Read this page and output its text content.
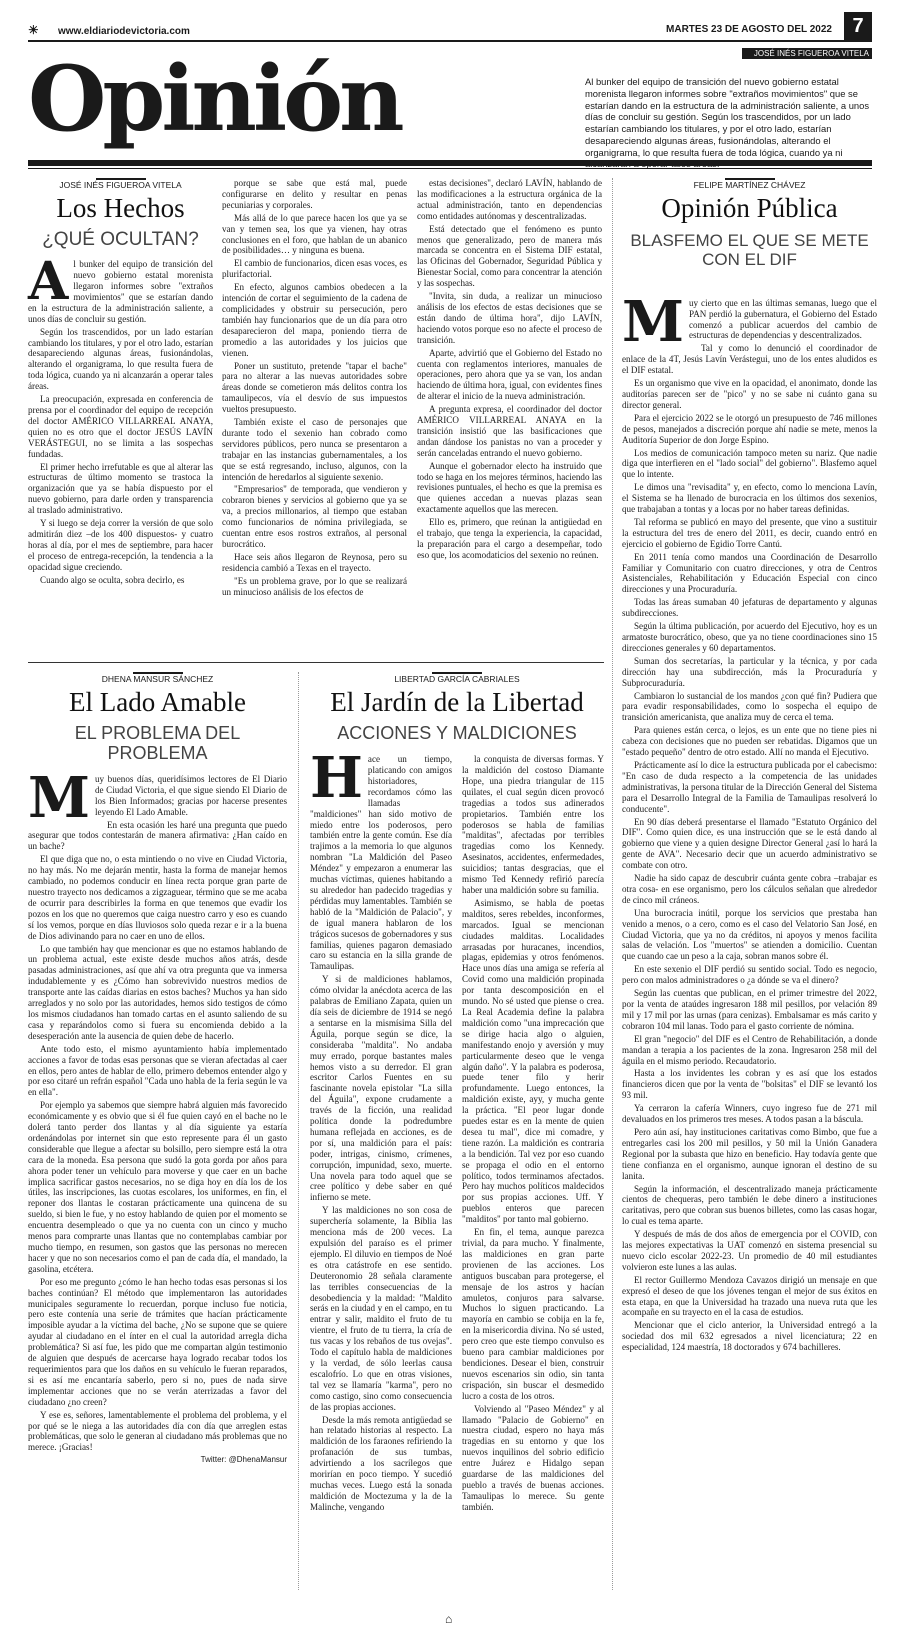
☀ www.eldiariodevictoria.com	MARTES 23 DE AGOSTO DEL 2022	7
JOSÉ INÉS FIGUEROA VITELA
Opinión	Al bunker del equipo de transición del nuevo gobierno estatal morenista llegaron informes sobre "extraños movimientos" que se estarían dando en la estructura de la administración saliente, a unos días de concluir su gestión. Según los trascendidos, por un lado estarían cambiando los titulares, y por el otro lado, estarían desapareciendo algunas áreas, fusionándolas, alterando el organigrama, lo que resulta fuera de toda lógica, cuando ya ni
JOSÉ INÉS FIGUEROA VITELA
Los Hechos
¿QUÉ OCULTAN?
A l bunker del equipo de transición del nuevo gobierno estatal morenista llegaron informes sobre "extraños movimientos" que se estarían dando en la estructura de la administración saliente, a unos días de concluir su gestión.

Según los trascendidos, por un lado estarían cambiando los titulares, y por el otro lado, estarían desapareciendo algunas áreas, fusionándolas, alterando el organigrama, lo que resulta fuera de toda lógica, cuando ya ni alcanzarán a operar tales áreas.

La preocupación, expresada en conferencia de prensa por el coordinador del equipo de recepción del doctor AMÉRICO VILLARREAL ANAYA, quien no es otro que el doctor JESÚS LAVÍN VERÁSTEGUI, no se limita a las sospechas fundadas.

El primer hecho irrefutable es que al alterar las estructuras de último momento se trastoca la organización que ya se había dispuesto por el nuevo gobierno, para darle orden y transparencia al traslado administrativo.

Y si luego se deja correr la versión de que solo admitirán diez –de los 400 dispuestos- y cuatro horas al día, por el mes de septiembre, para hacer el proceso de entrega-recepción, la tendencia a la opacidad sigue creciendo.

Cuando algo se oculta, sobra decirlo, es

porque se sabe que está mal, puede configurarse en delito y resultar en penas pecuniarias y corporales.

Más allá de lo que parece hacen los que ya se van y temen sea, los que ya vienen, hay otras conclusiones en el foro, que hablan de un abanico de posibilidades… y ninguna es buena.

El cambio de funcionarios, dicen esas voces, es plurifactorial.

En efecto, algunos cambios obedecen a la intención de cortar el seguimiento de la cadena de complicidades y obstruir su persecución, pero también hay funcionarios que de un día para otro desaparecieron del mapa, poniendo tierra de promedio a las autoridades y los juicios que vienen.

Poner un sustituto, pretende "tapar el bache" para no alterar a las nuevas autoridades sobre áreas donde se cometieron más delitos contra los tamaulipecos, vía el desvío de sus impuestos vueltos presupuesto.

También existe el caso de personajes que durante todo el sexenio han cobrado como servidores públicos, pero nunca se presentaron a trabajar en las instancias gubernamentales, a los que se está regresando, incluso, algunos, con la intención de heredarlos al siguiente sexenio.

"Empresarios" de temporada, que vendieron y cobraron bienes y servicios al gobierno que ya se va, a precios millonarios, al tiempo que estaban como funcionarios de nómina privilegiada, se cuentan entre esos rostros extraños, al personal burocrático.

Hace seis años llegaron de Reynosa, pero su residencia cambió a Texas en el trayecto.

"Es un problema grave, por lo que se realizará un minucioso análisis de los efectos de

estas decisiones", declaró LAVÍN, hablando de las modificaciones a la estructura orgánica de la actual administración, tanto en dependencias como entidades autónomas y descentralizadas.

Está detectado que el fenómeno es punto menos que generalizado, pero de manera más marcada se concentra en el Sistema DIF estatal, las Oficinas del Gobernador, Seguridad Pública y Bienestar Social, como para concentrar la atención y las sospechas.

"Invita, sin duda, a realizar un minucioso análisis de los efectos de estas decisiones que se están dando de última hora", dijo LAVÍN, haciendo votos porque eso no afecte el proceso de transición.

Aparte, advirtió que el Gobierno del Estado no cuenta con reglamentos interiores, manuales de operaciones, pero ahora que ya se van, los andan haciendo de última hora, igual, con evidentes fines de alterar el inicio de la nueva administración.

A pregunta expresa, el coordinador del doctor AMÉRICO VILLARREAL ANAYA en la transición insistió que las basificaciones que andan dándose los panistas no van a proceder y serán canceladas entrando el nuevo gobierno.

Aunque el gobernador electo ha instruido que todo se haga en los mejores términos, haciendo las revisiones puntuales, el hecho es que la premisa es que quienes accedan a nuevas plazas sean exactamente aquellos que las merecen.

Ello es, primero, que reúnan la antigüedad en el trabajo, que tenga la experiencia, la capacidad, la preparación para el cargo a desempeñar, todo eso que, los acomodaticios del sexenio no reúnen.

FELIPE MARTÍNEZ CHÁVEZ
Opinión Pública
BLASFEMO EL QUE SE METE CON EL DIF
M uy cierto que en las últimas semanas, luego que el PAN perdió la gubernatura, el Gobierno del Estado comenzó a publicar acuerdos del cambio de estructuras de dependencias y descentralizados.

Tal y como lo denunció el coordinador de enlace de la 4T, Jesús Lavín Verástegui, uno de los entes aludidos es el DIF estatal.

Es un organismo que vive en la opacidad, el anonimato, donde las auditorías parecen ser de "pico" y no se sabe ni cuánto gana su director general.

Para el ejercicio 2022 se le otorgó un presupuesto de 746 millones de pesos, manejados a discreción porque ahí nadie se mete, menos la Auditoría Superior de don Jorge Espino.

Los medios de comunicación tampoco meten su nariz. Que nadie diga que interfieren en el "lado social" del gobierno". Blasfemo aquel que lo intente.

Le dimos una "revisadita" y, en efecto, como lo menciona Lavín, el Sistema se ha llenado de burocracia en los últimos dos sexenios, que trabajaban a tontas y a locas por no haber tareas definidas.

Tal reforma se publicó en mayo del presente, que vino a sustituir la estructura del tres de enero del 2011, es decir, cuando entró en ejercicio el gobierno de Egidio Torre Cantú.

En 2011 tenía como mandos una Coordinación de Desarrollo Familiar y Comunitario con cuatro direcciones, y otra de Centros Asistenciales, Rehabilitación y Educación Especial con cinco direcciones y una Procuraduría.

Todas las áreas sumaban 40 jefaturas de departamento y algunas subdirecciones.

Según la última publicación, por acuerdo del Ejecutivo, hoy es un armatoste burocrático, obeso, que ya no tiene coordinaciones sino 15 direcciones generales y 60 departamentos.

Suman dos secretarías, la particular y la técnica, y por cada dirección hay una subdirección, más la Procuraduría y Subprocuraduría.

Cambiaron lo sustancial de los mandos ¿con qué fin? Pudiera que para evadir responsabilidades, como lo sospecha el equipo de transición americanista, que analiza muy de cerca el tema.

Para quienes están cerca, o lejos, es un ente que no tiene pies ni cabeza con decisiones que no pueden ser rebatidas. Digamos que un "estado pequeño" dentro de otro estado. Allí no manda el Ejecutivo.

Prácticamente así lo dice la estructura publicada por el cabecismo: "En caso de duda respecto a la competencia de las unidades administrativas, la persona titular de la Dirección General del Sistema para el Desarrollo Integral de la Familia de Tamaulipas resolverá lo conducente".

En 90 días deberá presentarse el llamado "Estatuto Orgánico del DIF". Como quien dice, es una instrucción que se le está dando al gobierno que viene y a quien designe Director General ¿así lo hará la gente de AVA". Necesario decir que un acuerdo administrativo se combate con otro.

Nadie ha sido capaz de descubrir cuánta gente cobra –trabajar es otra cosa- en ese organismo, pero los cálculos señalan que alrededor de cinco mil cráneos.

Una burocracia inútil, porque los servicios que prestaba han venido a menos, o a cero, como es el caso del Velatorio San José, en Ciudad Victoria, que ya no da créditos, ni apoyos y menos facilita salas de velación. Los "muertos" se atienden a domicilio. Cuentan que cuando cae un peso a la caja, sobran manos sobre él.

En este sexenio el DIF perdió su sentido social. Todo es negocio, pero con malos administradores o ¿a dónde se va el dinero?

Según las cuentas que publican, en el primer trimestre del 2022, por la venta de ataúdes ingresaron 188 mil pesillos, por velación 89 mil y 17 mil por las urnas (para cenizas). Embalsamar es más carito y cobraron 104 mil lanas. Todo para el gasto corriente de nómina.

El gran "negocio" del DIF es el Centro de Rehabilitación, a donde mandan a terapia a los pacientes de la zona. Ingresaron 258 mil del águila en el mismo periodo. Recaudatorio.

Hasta a los invidentes les cobran y es así que los estados financieros dicen que por la venta de "bolsitas" el DIF se levantó los 93 mil.

Ya cerraron la cafería Winners, cuyo ingreso fue de 271 mil devaluados en los primeros tres meses. A todos pasan a la báscula.

Pero aún así, hay instituciones caritativas como Bimbo, que fue a entregarles casi los 200 mil pesillos, y 50 mil la Unión Ganadera Regional por la subasta que hizo en beneficio. Hay todavía gente que tiene confianza en el organismo, aunque ignoran el destino de su lanita.

Según la información, el descentralizado maneja prácticamente cientos de chequeras, pero también le debe dinero a instituciones caritativas, pero que cobran sus buenos billetes, como las casas hogar, lo cual es tema aparte.

Y después de más de dos años de emergencia por el COVID, con las mejores expectativas la UAT comenzó en sistema presencial su nuevo ciclo escolar 2022-23. Un promedio de 40 mil estudiantes volvieron este lunes a las aulas.

El rector Guillermo Mendoza Cavazos dirigió un mensaje en que expresó el deseo de que los jóvenes tengan el mejor de sus éxitos en esta etapa, en que la Universidad ha trazado una nueva ruta que les acompañe en su trayecto en el la casa de estudios.

Mencionar que el ciclo anterior, la Universidad entregó a la sociedad dos mil 632 egresados a nivel licenciatura; 22 en especialidad, 124 maestría, 18 doctorados y 674 bachilleres.

DHENA MANSUR SÁNCHEZ
El Lado Amable
EL PROBLEMA DEL PROBLEMA
M uy buenos días, queridísimos lectores de El Diario de Ciudad Victoria, el que sigue siendo El Diario de los Bien Informados; gracias por hacerse presentes leyendo El Lado Amable.

En esta ocasión les haré una pregunta que puedo asegurar que todos contestarán de manera afirmativa: ¿Han caído en un bache?

El que diga que no, o esta mintiendo o no vive en Ciudad Victoria, no hay más. No me dejarán mentir, hasta la forma de manejar hemos cambiado, no podemos conducir en línea recta porque gran parte de nuestro trayecto nos dedicamos a zigzaguear, término que se me acaba de ocurrir para describirles la forma en que tenemos que evadir los pozos en los que no queremos que caiga nuestro carro y eso es cuando sí los vemos, porque en días lluviosos solo queda rezar e ir a la buena de Dios adivinando para no caer en uno de ellos.

Lo que también hay que mencionar es que no estamos hablando de un problema actual, este existe desde muchos años atrás, desde pasadas administraciones, así que ahí va otra pregunta que va inmersa indudablemente y es ¿Cómo han sobrevivido nuestros medios de transporte ante las caídas diarias en estos baches? Muchos ya han sido arreglados y no solo por las autoridades, hemos sido testigos de cómo los mismos ciudadanos han tomado cartas en el asunto saliendo de su casa y reparándolos como si fuera su encomienda debido a la desesperación ante la ausencia de quien debe de hacerlo.

Ante todo esto, el mismo ayuntamiento había implementado acciones a favor de todas esas personas que se vieran afectadas al caer en ellos, pero antes de hablar de ello, primero debemos entender algo y por eso citaré un refrán español "Cada uno habla de la feria según le va en ella".

Por ejemplo ya sabemos que siempre habrá alguien más favorecido económicamente y es obvio que si él fue quien cayó en el bache no le dolerá tanto perder dos llantas y al día siguiente ya estaría ordenándolas por internet sin que esto represente para él un gasto considerable que llegue a afectar su bolsillo, pero siempre está la otra cara de la moneda. Esa persona que sudó la gota gorda por años para ahora poder tener un vehículo para moverse y que caer en un bache implica sacrificar gastos necesarios, no se diga hoy en día los de los útiles, las inscripciones, las cuotas escolares, los uniformes, en fin, el reponer dos llantas le costaran prácticamente una quincena de su sueldo, si bien le fue, y no estoy hablando de quien por el momento se encuentra desempleado o que ya no cuenta con un cinco y mucho menos para comprarte unas llantas que no contemplabas cambiar por mucho tiempo, en resumen, son gastos que las personas no merecen hacer y que no son necesarios como el pan de cada día, el mandado, la gasolina, etcétera.

Por eso me pregunto ¿cómo le han hecho todas esas personas si los baches continúan? El método que implementaron las autoridades municipales seguramente lo recuerdan, porque incluso fue noticia, pero este contenía una serie de trámites que hacían prácticamente imposible ayudar a la víctima del bache, ¿No se supone que se quiere ayudar al ciudadano en el ínter en el cual la autoridad arregla dicha problemática? Si así fue, les pido que me compartan algún testimonio de alguien que después de acercarse haya logrado recabar todos los requerimientos para que los daños en su vehículo le fueran reparados, si es así me encantaría saberlo, pero si no, pues de nada sirve implementar acciones que no se verán aterrizadas a favor del ciudadano ¿no creen?

Y ese es, señores, lamentablemente el problema del problema, y el por qué se le niega a las autoridades día con día que arreglen estas problemáticas, que solo le generan al ciudadano más problemas que no merece. ¡Gracias!

Twitter: @DhenaMansur
LIBERTAD GARCÍA CABRIALES
El Jardín de la Libertad
ACCIONES Y MALDICIONES
H ace un tiempo, platicando con amigos historiadores, recordamos cómo las llamadas "maldiciones" han sido motivo de miedo entre los poderosos, pero también entre la gente común. Ese día trajimos a la memoria lo que algunos nombran "La Maldición del Paseo Méndez" y empezaron a enumerar las muchas víctimas, quienes habitando a su alrededor han padecido tragedias y pérdidas muy lamentables. También se habló de la "Maldición de Palacio", y de igual manera hablaron de los trágicos sucesos de gobernadores y sus familias, quienes pagaron demasiado caro su estancia en la silla grande de Tamaulipas.

Y si de maldiciones hablamos, cómo olvidar la anécdota acerca de las palabras de Emiliano Zapata, quien un día seis de diciembre de 1914 se negó a sentarse en la mismísima Silla del Águila, porque según se dice, la consideraba "maldita". No andaba muy errado, porque bastantes males hemos visto a su derredor. El gran escritor Carlos Fuentes en su fascinante novela epistolar "La silla del Águila", expone crudamente a través de la ficción, una realidad política donde la podredumbre humana reflejada en acciones, es de por sí, una maldición para el país: poder, intrigas, cinismo, crímenes, corrupción, impunidad, sexo, muerte. Una novela para todo aquel que se cree político y debe saber en qué infierno se mete.

Y las maldiciones no son cosa de superchería solamente, la Biblia las menciona más de 200 veces. La expulsión del paraíso es el primer ejemplo. El diluvio en tiempos de Noé es otra catástrofe en ese sentido. Deuteronomio 28 señala claramente las terribles consecuencias de la desobediencia y la maldad: "Maldito serás en la ciudad y en el campo, en tu entrar y salir, maldito el fruto de tu vientre, el fruto de tu tierra, la cría de tus vacas y los rebaños de tus ovejas". Todo el capítulo habla de maldiciones y la verdad, de sólo leerlas causa escalofrío. Lo que en otras visiones, tal vez se llamaría "karma", pero no como castigo, sino como consecuencia de las propias acciones.

Desde la más remota antigüedad se han relatado historias al respecto. La maldición de los faraones refiriendo la profanación de sus tumbas, advirtiendo a los sacrílegos que morirían en poco tiempo. Y sucedió muchas veces. Luego está la sonada maldición de Moctezuma y la de la Malinche, vengando

la conquista de diversas formas. Y la maldición del costoso Diamante Hope, una piedra triangular de 115 quilates, el cual según dicen provocó tragedias a todos sus adinerados propietarios. También entre los poderosos se habla de familias "malditas", afectadas por terribles tragedias como los Kennedy. Asesinatos, accidentes, enfermedades, suicidios; tantas desgracias, que el mismo Ted Kennedy refirió parecía haber una maldición sobre su familia.

Asimismo, se habla de poetas malditos, seres rebeldes, inconformes, marcados. Igual se mencionan ciudades malditas. Localidades arrasadas por huracanes, incendios, plagas, epidemias y otros fenómenos. Hace unos días una amiga se refería al Covid como una maldición propinada por tanta descomposición en el mundo. No sé usted que piense o crea. La Real Academia define la palabra maldición como "una imprecación que se dirige hacia algo o alguien, manifestando enojo y aversión y muy particularmente deseo que le venga algún daño". Y la palabra es poderosa, puede tener filo y herir profundamente. Luego entonces, la maldición existe, ayy, y mucha gente la práctica. "El peor lugar donde puedes estar es en la mente de quien desea tu mal", dice mi comadre, y tiene razón. La maldición es contraria a la bendición. Tal vez por eso cuando se propaga el odio en el entorno político, todos terminamos afectados. Pero hay muchos políticos maldecidos por sus propias acciones. Uff. Y pueblos enteros que parecen "malditos" por tanto mal gobierno.

En fin, el tema, aunque parezca trivial, da para mucho. Y finalmente, las maldiciones en gran parte provienen de las acciones. Los antiguos buscaban para protegerse, el mensaje de los astros y hacían amuletos, conjuros para salvarse. Muchos lo siguen practicando. La mayoría en cambio se cobija en la fe, en la misericordia divina. No sé usted, pero creo que este tiempo convulso es bueno para cambiar maldiciones por bendiciones. Desear el bien, construir nuevos escenarios sin odio, sin tanta crispación, sin buscar el desmedido lucro a costa de los otros.

Volviendo al "Paseo Méndez" y al llamado "Palacio de Gobierno" en nuestra ciudad, espero no haya más tragedias en su entorno y que los nuevos inquilinos del sobrio edificio entre Juárez e Hidalgo sepan guardarse de las maldiciones del pueblo a través de buenas acciones. Tamaulipas lo merece. Su gente también.

⌂
